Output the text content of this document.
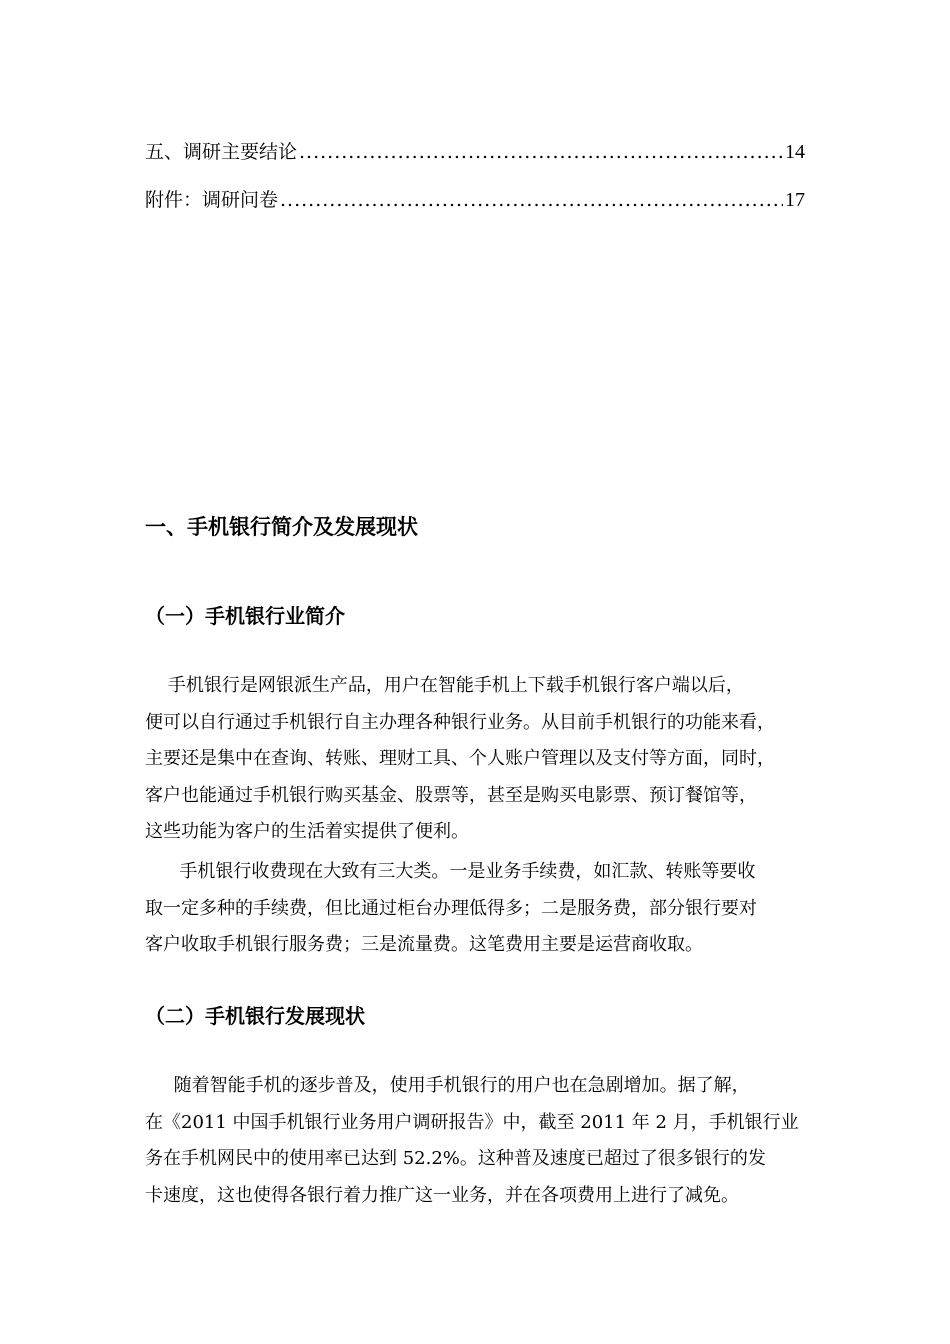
五、调研主要结论 .....	14
附件：调研问卷 .....	17
一、手机银行简介及发展现状
（一）手机银行业简介
手机银行是网银派生产品，用户在智能手机上下载手机银行客户端以后，
便可以自行通过手机银行自主办理各种银行业务。从目前手机银行的功能来看，
主要还是集中在查询、转账、理财工具、个人账户管理以及支付等方面，同时，
客户也能通过手机银行购买基金、股票等，甚至是购买电影票、预订餐馆等，
这些功能为客户的生活着实提供了便利。
手机银行收费现在大致有三大类。一是业务手续费，如汇款、转账等要收
取一定多种的手续费，但比通过柜台办理低得多；二是服务费，部分银行要对
客户收取手机银行服务费；三是流量费。这笔费用主要是运营商收取。
（二）手机银行发展现状
随着智能手机的逐步普及，使用手机银行的用户也在急剧增加。据了解，
在《2011 中国手机银行业务用户调研报告》中，截至 2011 年 2 月，手机银行业
务在手机网民中的使用率已达到 52.2%。这种普及速度已超过了很多银行的发
卡速度，这也使得各银行着力推广这一业务，并在各项费用上进行了减免。
